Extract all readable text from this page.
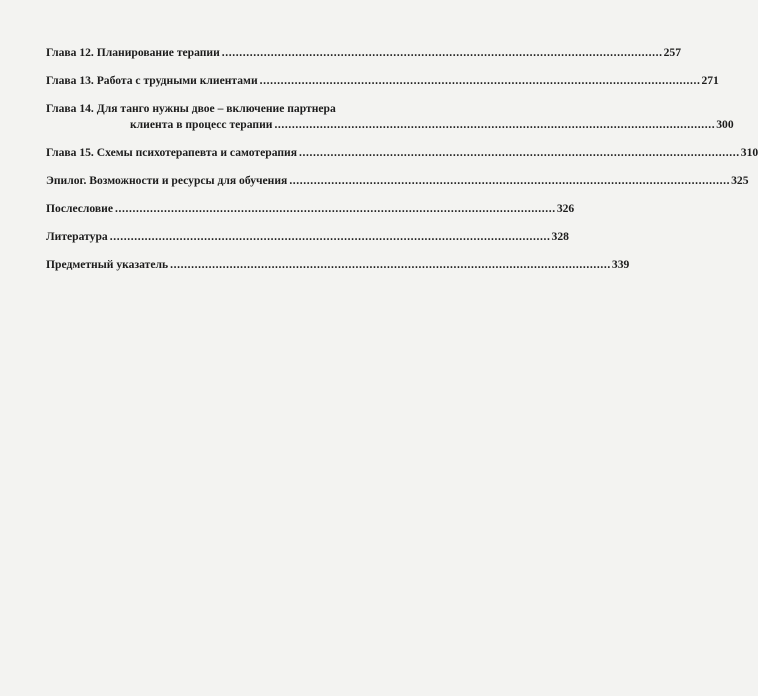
Глава 12. Планирование терапии .............................................................................................................................. 257
Глава 13. Работа с трудными клиентами .............................................................................................................................. 271
Глава 14. Для танго нужны двое – включение партнера
клиента в процесс терапии .............................................................................................................................. 300
Глава 15. Схемы психотерапевта и самотерапия .............................................................................................................................. 310
Эпилог. Возможности и ресурсы для обучения .............................................................................................................................. 325
Послесловие .............................................................................................................................. 326
Литература .............................................................................................................................. 328
Предметный указатель .............................................................................................................................. 339
